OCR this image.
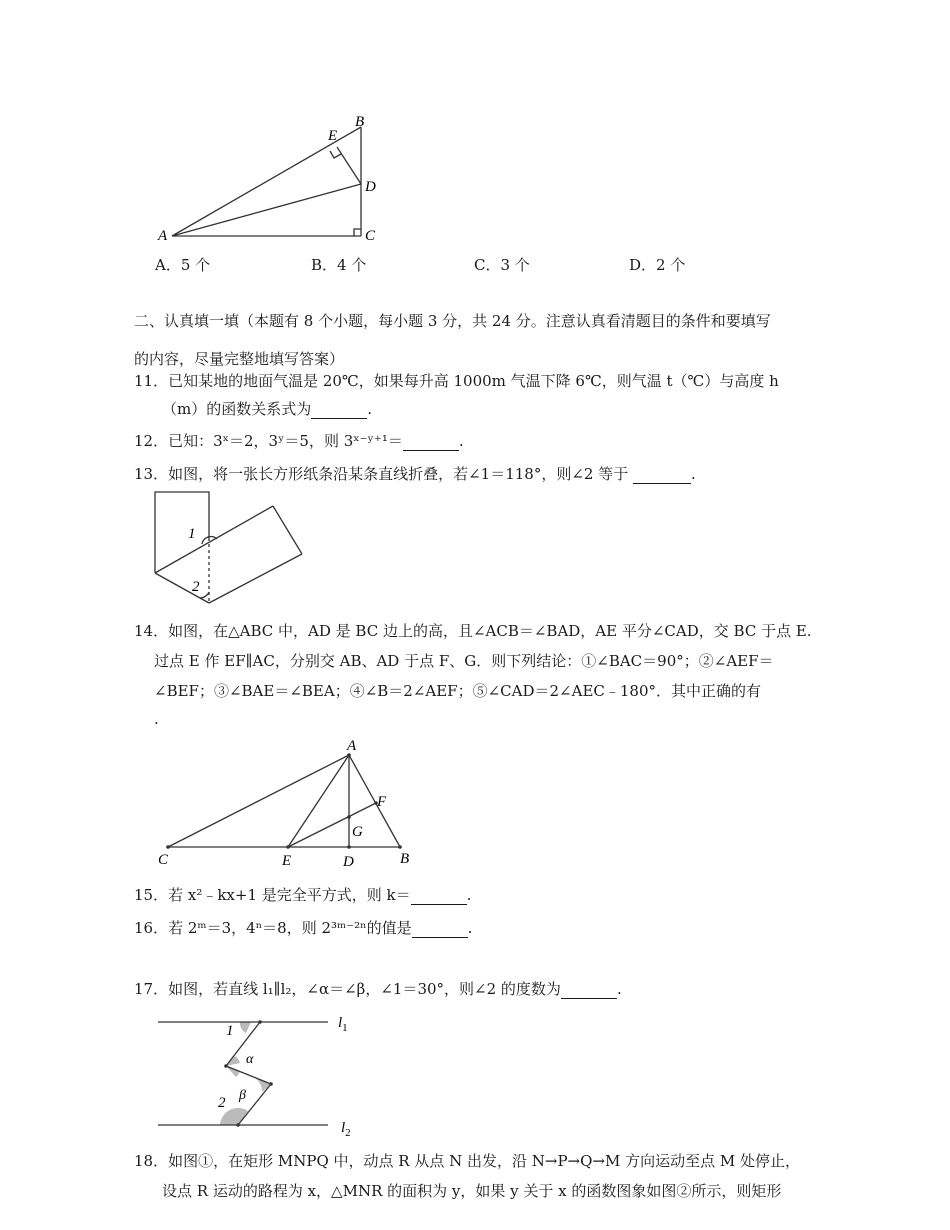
A
B
C
D
E
A．5 个	B．4 个	C．3 个	D．2 个
二、认真填一填（本题有 8 个小题，每小题 3 分，共 24 分。注意认真看清题目的条件和要填写
的内容，尽量完整地填写答案）
11．已知某地的地面气温是 20℃，如果每升高 1000m 气温下降 6℃，则气温 t（℃）与高度 h
（m）的函数关系式为	.
12．已知：3ˣ＝2，3ʸ＝5，则 3ˣ⁻ʸ⁺¹＝	.
13．如图，将一张长方形纸条沿某条直线折叠，若∠1＝118°，则∠2 等于	.
1
2
14．如图，在△ABC 中，AD 是 BC 边上的高，且∠ACB＝∠BAD，AE 平分∠CAD，交 BC 于点 E.
过点 E 作 EF∥AC，分别交 AB、AD 于点 F、G．则下列结论：①∠BAC＝90°；②∠AEF＝
∠BEF；③∠BAE＝∠BEA；④∠B＝2∠AEF；⑤∠CAD＝2∠AEC﹣180°．其中正确的有
.
A
B
C	D
E
F
G
15．若 x²﹣kx+1 是完全平方式，则 k＝	.
16．若 2ᵐ＝3，4ⁿ＝8，则 2³ᵐ⁻²ⁿ的值是	.
17．如图，若直线 l₁∥l₂，∠α＝∠β，∠1＝30°，则∠2 的度数为	.
1
α
β
2
$l_1$
$l_2$
18．如图①，在矩形 MNPQ 中，动点 R 从点 N 出发，沿 N→P→Q→M 方向运动至点 M 处停止，
设点 R 运动的路程为 x，△MNR 的面积为 y，如果 y 关于 x 的函数图象如图②所示，则矩形
